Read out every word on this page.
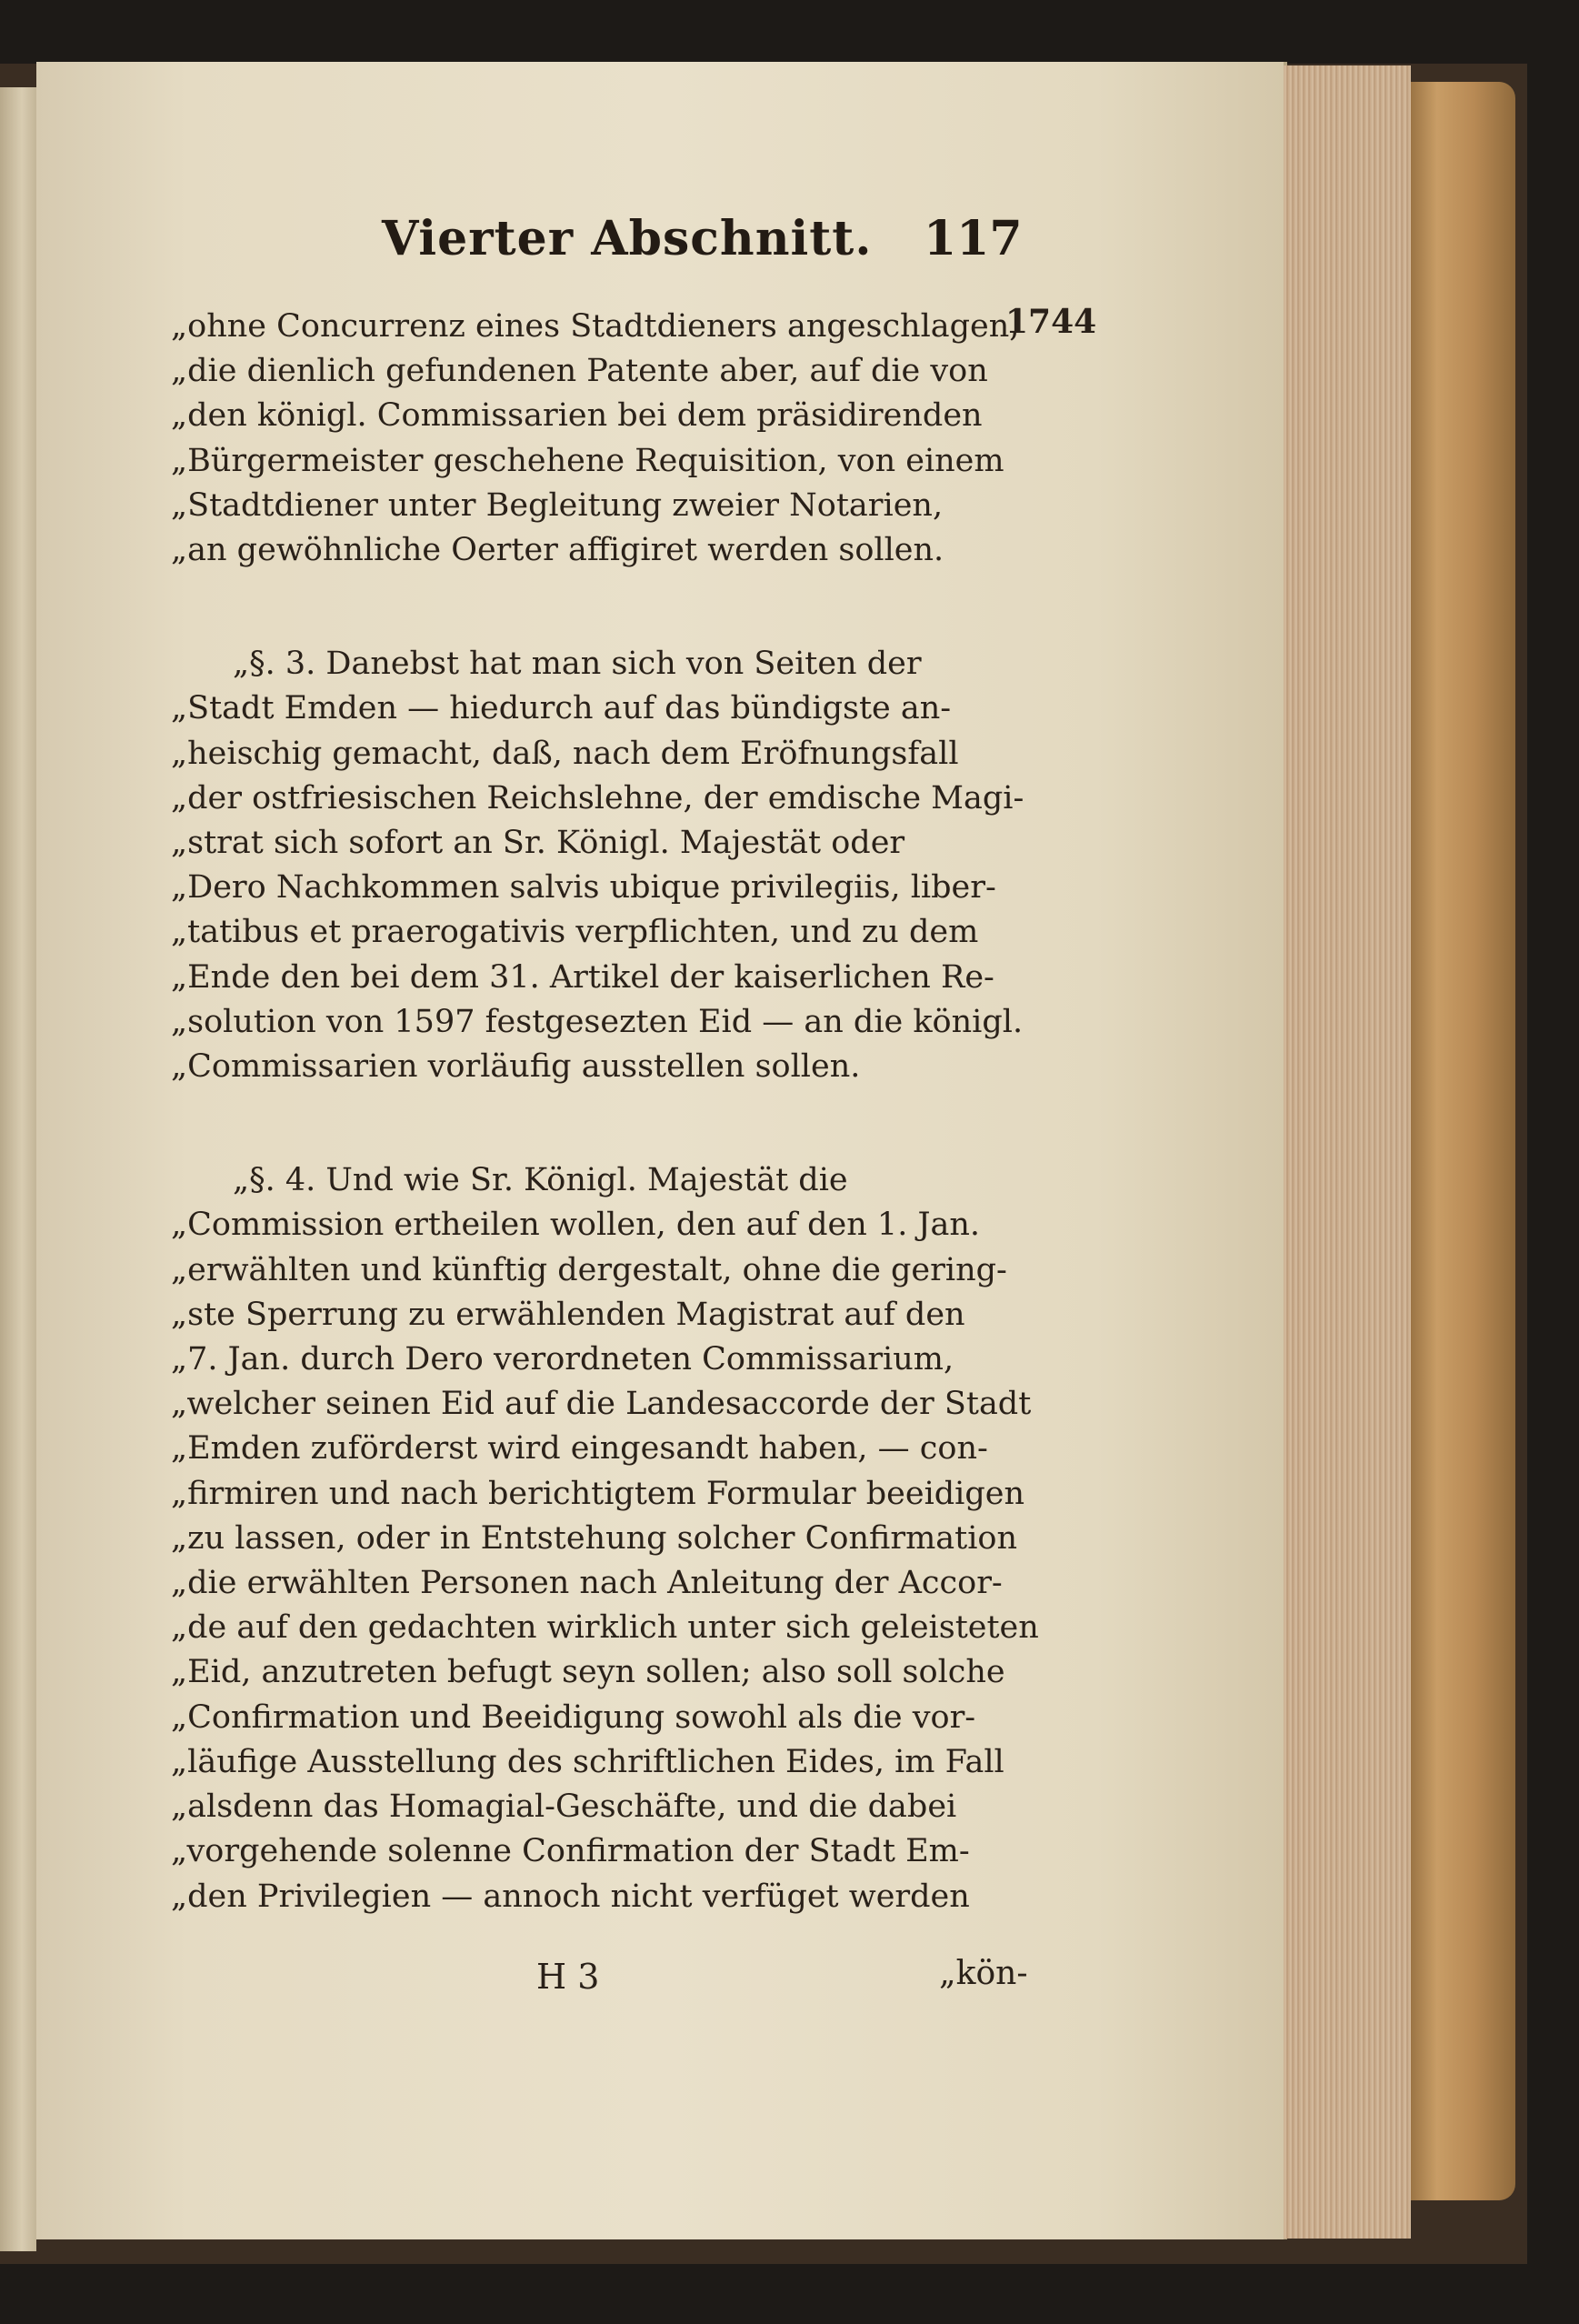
Vierter Abschnitt. 117
1744
„ohne Concurrenz eines Stadtdieners angeschlagen,
„die dienlich gefundenen Patente aber, auf die von
„den königl. Commissarien bei dem präsidirenden
„Bürgermeister geschehene Requisition, von einem
„Stadtdiener unter Begleitung zweier Notarien,
„an gewöhnliche Oerter affigiret werden sollen.
„§. 3. Danebst hat man sich von Seiten der
„Stadt Emden — hiedurch auf das bündigste an-
„heischig gemacht, daß, nach dem Eröfnungsfall
„der ostfriesischen Reichslehne, der emdische Magi-
„strat sich sofort an Sr. Königl. Majestät oder
„Dero Nachkommen salvis ubique privilegiis, liber-
„tatibus et praerogativis verpflichten, und zu dem
„Ende den bei dem 31. Artikel der kaiserlichen Re-
„solution von 1597 festgesezten Eid — an die königl.
„Commissarien vorläufig ausstellen sollen.
„§. 4. Und wie Sr. Königl. Majestät die
„Commission ertheilen wollen, den auf den 1. Jan.
„erwählten und künftig dergestalt, ohne die gering-
„ste Sperrung zu erwählenden Magistrat auf den
„7. Jan. durch Dero verordneten Commissarium,
„welcher seinen Eid auf die Landesaccorde der Stadt
„Emden zuförderst wird eingesandt haben, — con-
„firmiren und nach berichtigtem Formular beeidigen
„zu lassen, oder in Entstehung solcher Confirmation
„die erwählten Personen nach Anleitung der Accor-
„de auf den gedachten wirklich unter sich geleisteten
„Eid, anzutreten befugt seyn sollen; also soll solche
„Confirmation und Beeidigung sowohl als die vor-
„läufige Ausstellung des schriftlichen Eides, im Fall
„alsdenn das Homagial-Geschäfte, und die dabei
„vorgehende solenne Confirmation der Stadt Em-
„den Privilegien — annoch nicht verfüget werden
H 3	„kön-
